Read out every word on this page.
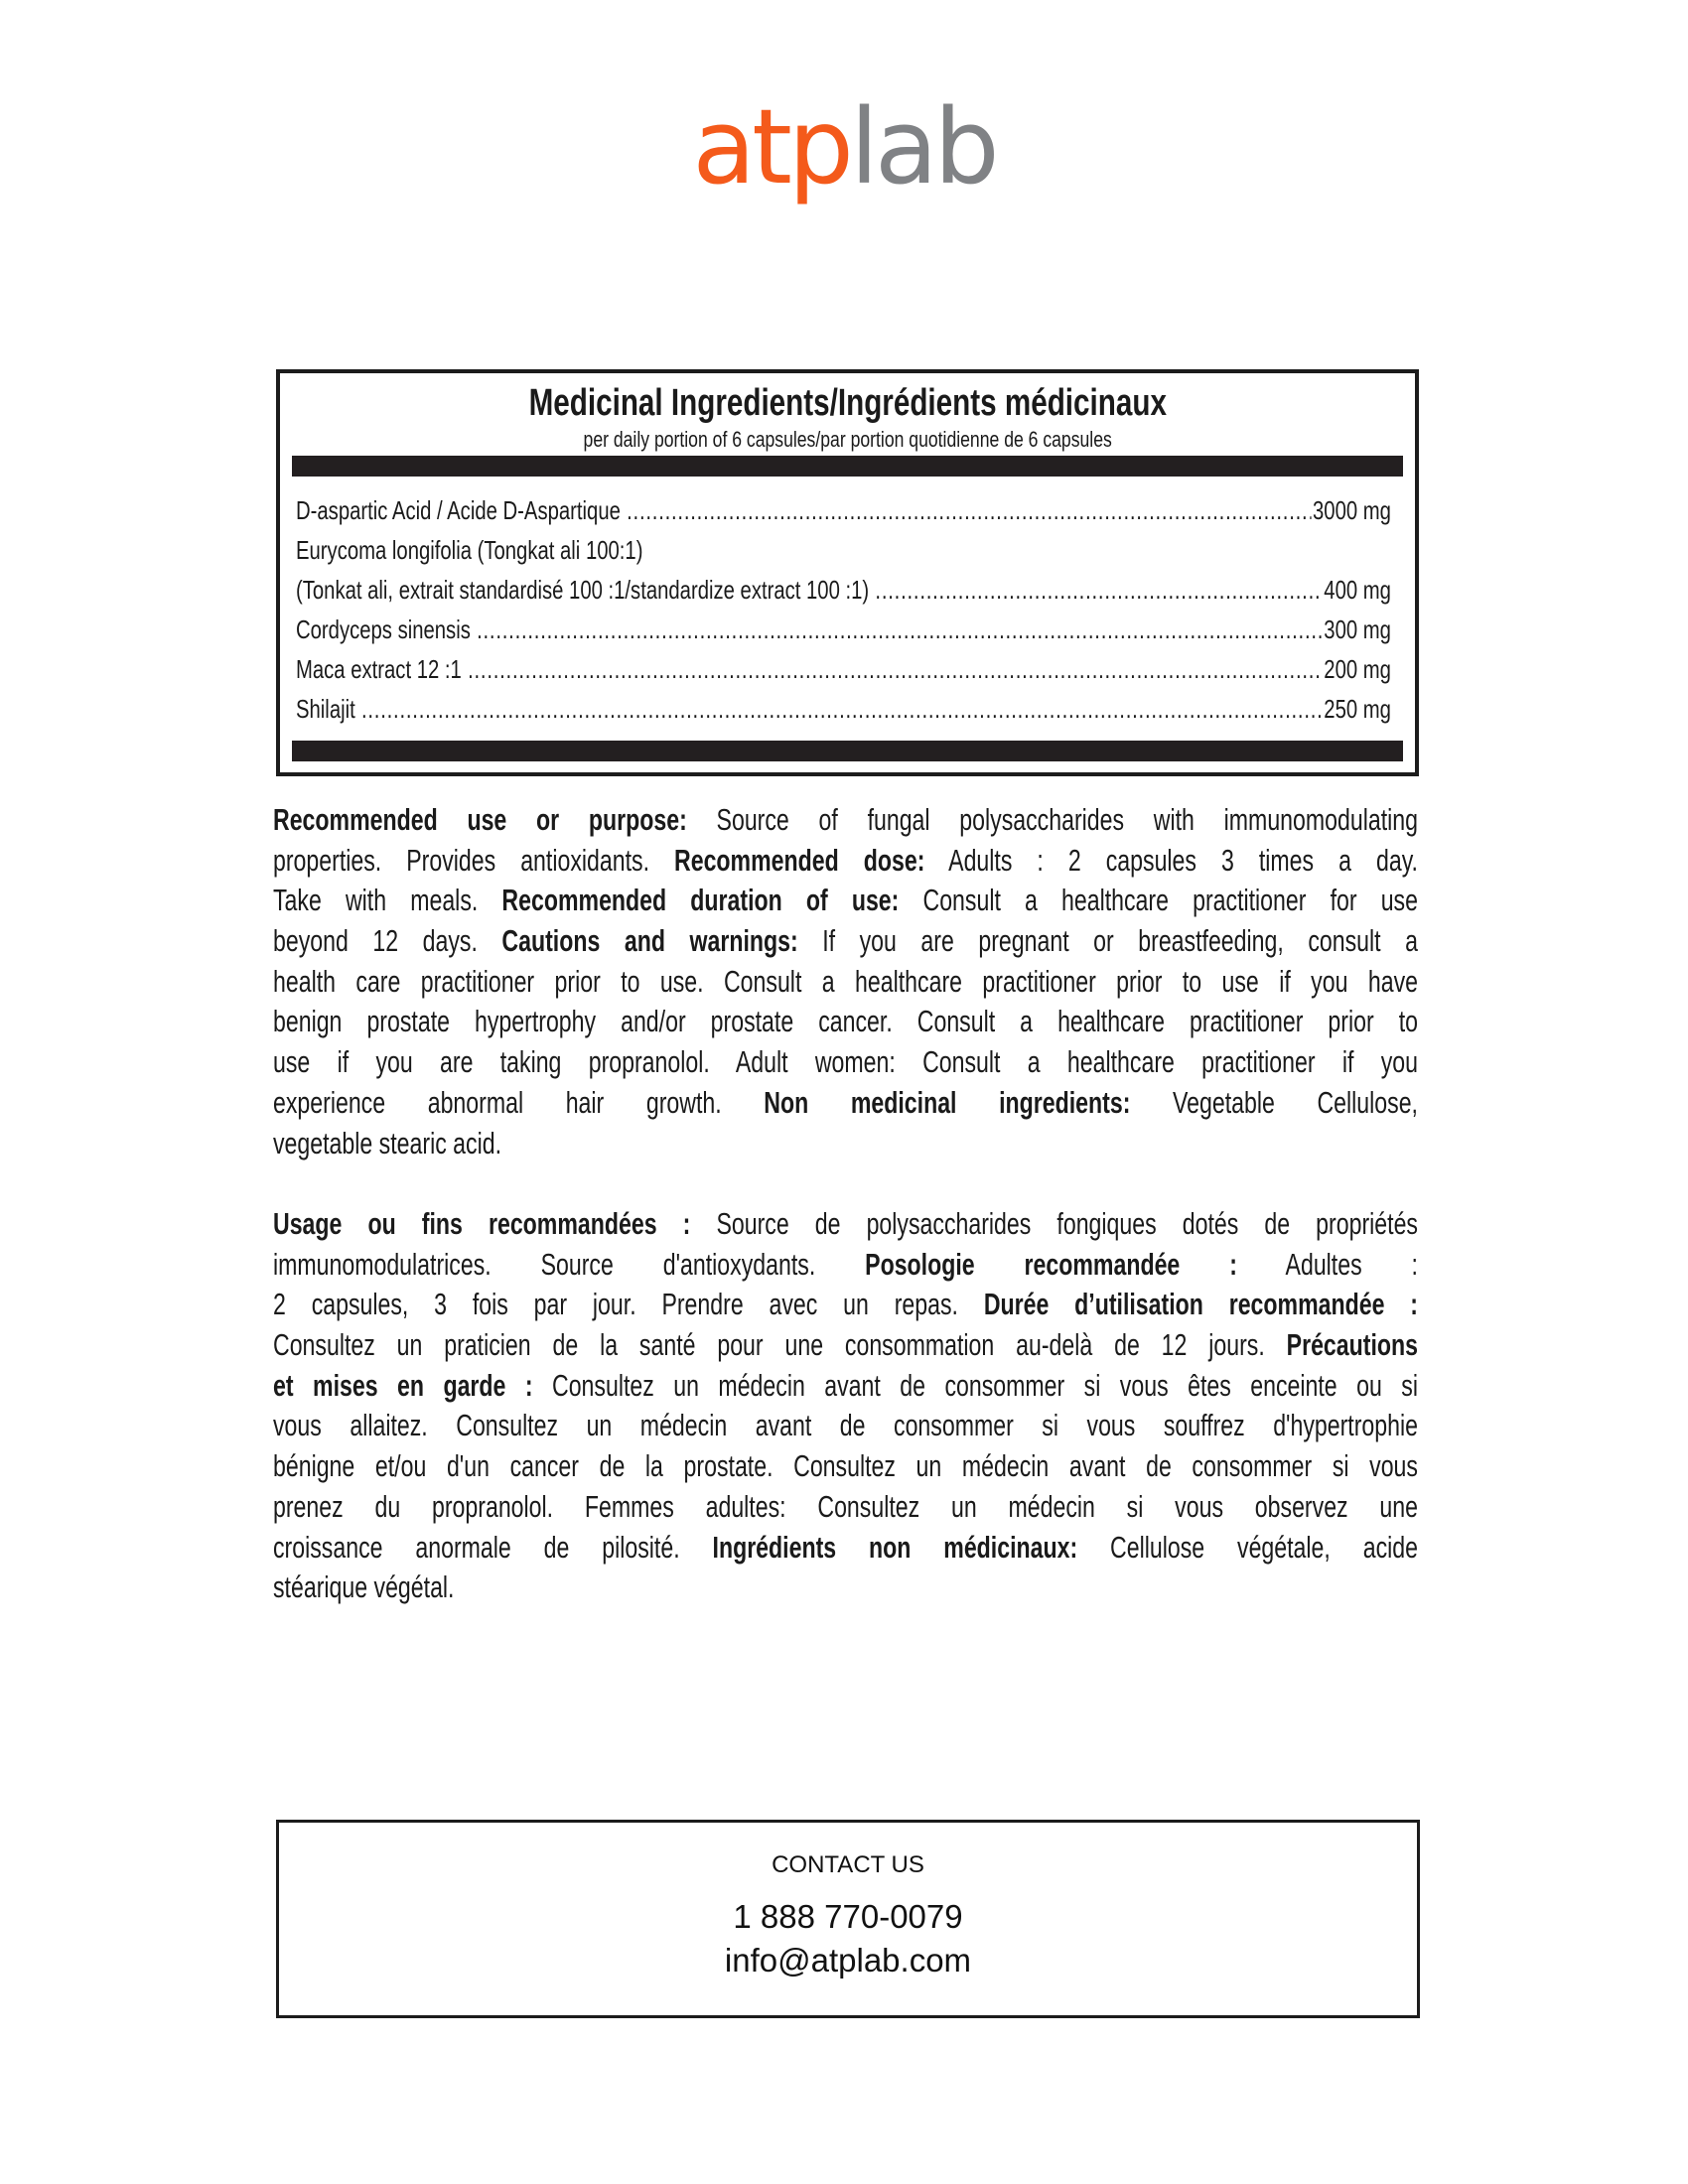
atplab
Medicinal Ingredients/Ingrédients médicinaux
per daily portion of 6 capsules/par portion quotidienne de 6 capsules
D-aspartic Acid / Acide D-Aspartique .....	3000 mg
Eurycoma longifolia (Tongkat ali 100:1)
(Tonkat ali, extrait standardisé 100 :1/standardize extract 100 :1) .....	400 mg
Cordyceps sinensis .....	300 mg
Maca extract 12 :1 .....	200 mg
Shilajit .....	250 mg
Recommended use or purpose: Source of fungal polysaccharides with immunomodulating
properties. Provides antioxidants. Recommended dose: Adults : 2 capsules 3 times a day.
Take with meals. Recommended duration of use: Consult a healthcare practitioner for use
beyond 12 days. Cautions and warnings: If you are pregnant or breastfeeding, consult a
health care practitioner prior to use. Consult a healthcare practitioner prior to use if you have
benign prostate hypertrophy and/or prostate cancer. Consult a healthcare practitioner prior to
use if you are taking propranolol. Adult women: Consult a healthcare practitioner if you
experience abnormal hair growth. Non medicinal ingredients: Vegetable Cellulose,
vegetable stearic acid.
Usage ou fins recommandées : Source de polysaccharides fongiques dotés de propriétés
immunomodulatrices. Source d'antioxydants. Posologie recommandée : Adultes :
2 capsules, 3 fois par jour. Prendre avec un repas. Durée d’utilisation recommandée :
Consultez un praticien de la santé pour une consommation au-delà de 12 jours. Précautions
et mises en garde : Consultez un médecin avant de consommer si vous êtes enceinte ou si
vous allaitez. Consultez un médecin avant de consommer si vous souffrez d'hypertrophie
bénigne et/ou d'un cancer de la prostate. Consultez un médecin avant de consommer si vous
prenez du propranolol. Femmes adultes: Consultez un médecin si vous observez une
croissance anormale de pilosité. Ingrédients non médicinaux: Cellulose végétale, acide
stéarique végétal.
CONTACT US
1 888 770-0079
info@atplab.com
